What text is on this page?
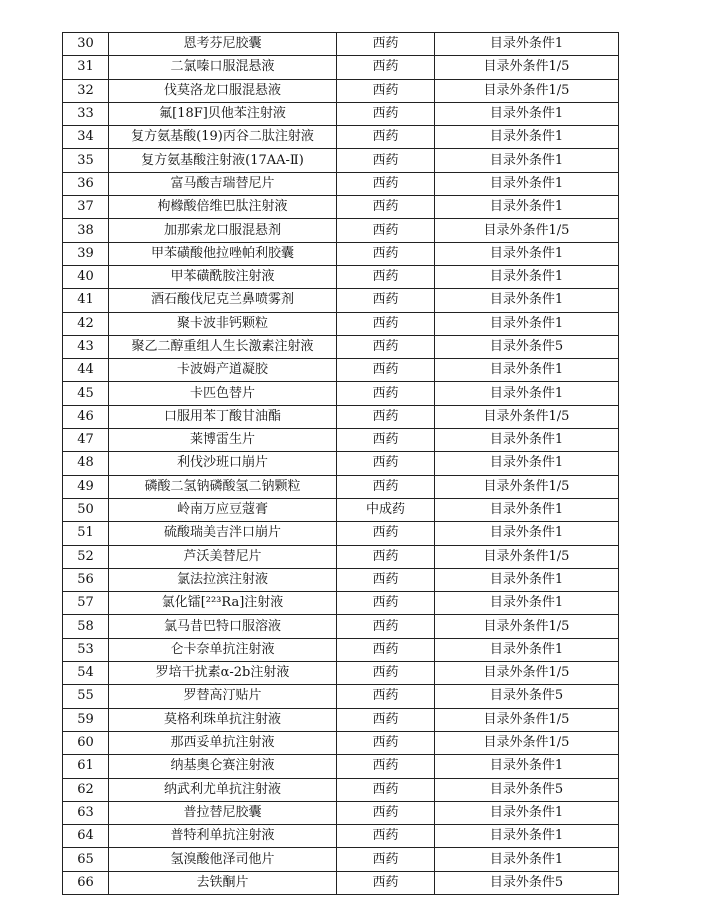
30	恩考芬尼胶囊	西药	目录外条件1
31	二氯嗪口服混悬液	西药	目录外条件1/5
32	伐莫洛龙口服混悬液	西药	目录外条件1/5
33	氟[18F]贝他苯注射液	西药	目录外条件1
34	复方氨基酸(19)丙谷二肽注射液	西药	目录外条件1
35	复方氨基酸注射液(17AA-Ⅱ)	西药	目录外条件1
36	富马酸吉瑞替尼片	西药	目录外条件1
37	枸橼酸倍维巴肽注射液	西药	目录外条件1
38	加那索龙口服混悬剂	西药	目录外条件1/5
39	甲苯磺酸他拉唑帕利胶囊	西药	目录外条件1
40	甲苯磺酰胺注射液	西药	目录外条件1
41	酒石酸伐尼克兰鼻喷雾剂	西药	目录外条件1
42	聚卡波非钙颗粒	西药	目录外条件1
43	聚乙二醇重组人生长激素注射液	西药	目录外条件5
44	卡波姆产道凝胶	西药	目录外条件1
45	卡匹色替片	西药	目录外条件1
46	口服用苯丁酸甘油酯	西药	目录外条件1/5
47	莱博雷生片	西药	目录外条件1
48	利伐沙班口崩片	西药	目录外条件1
49	磷酸二氢钠磷酸氢二钠颗粒	西药	目录外条件1/5
50	岭南万应豆蔻膏	中成药	目录外条件1
51	硫酸瑞美吉泮口崩片	西药	目录外条件1
52	芦沃美替尼片	西药	目录外条件1/5
56	氯法拉滨注射液	西药	目录外条件1
57	氯化镭[²²³Ra]注射液	西药	目录外条件1
58	氯马昔巴特口服溶液	西药	目录外条件1/5
53	仑卡奈单抗注射液	西药	目录外条件1
54	罗培干扰素α-2b注射液	西药	目录外条件1/5
55	罗替高汀贴片	西药	目录外条件5
59	莫格利珠单抗注射液	西药	目录外条件1/5
60	那西妥单抗注射液	西药	目录外条件1/5
61	纳基奥仑赛注射液	西药	目录外条件1
62	纳武利尤单抗注射液	西药	目录外条件5
63	普拉替尼胶囊	西药	目录外条件1
64	普特利单抗注射液	西药	目录外条件1
65	氢溴酸他泽司他片	西药	目录外条件1
66	去铁酮片	西药	目录外条件5
